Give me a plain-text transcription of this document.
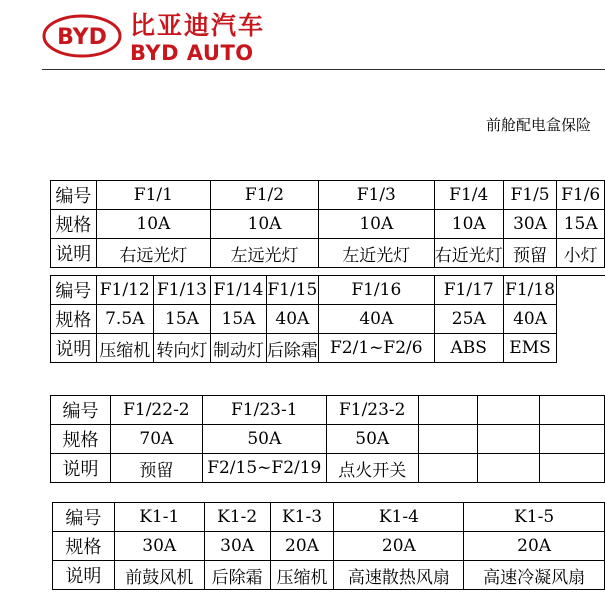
BYD 比亚迪汽车
BYD AUTO
前舱配电盒保险
编号	F1/1		F1/2		F1/3	F1/4	F1/5	F1/6
规格	10A		10A		10A	10A	30A	15A
说明	右远光灯		左远光灯		左近光灯	右近光灯	预留	小灯

编号	F1/12	F1/13	F1/14	F1/15	F1/16	F1/17	F1/18	
规格	7.5A	15A	15A	40A	40A	25A	40A	
说明	压缩机	转向灯	制动灯	后除霜	F2/1~F2/6	ABS	EMS	
编号	F1/22-2	F1/23-1	F1/23-2			
规格	70A	50A	50A			
说明	预留	F2/15~F2/19	点火开关			
编号	K1-1	K1-2	K1-3	K1-4	K1-5
规格	30A	30A	20A	20A	20A
说明	前鼓风机	后除霜	压缩机	高速散热风扇	高速冷凝风扇
